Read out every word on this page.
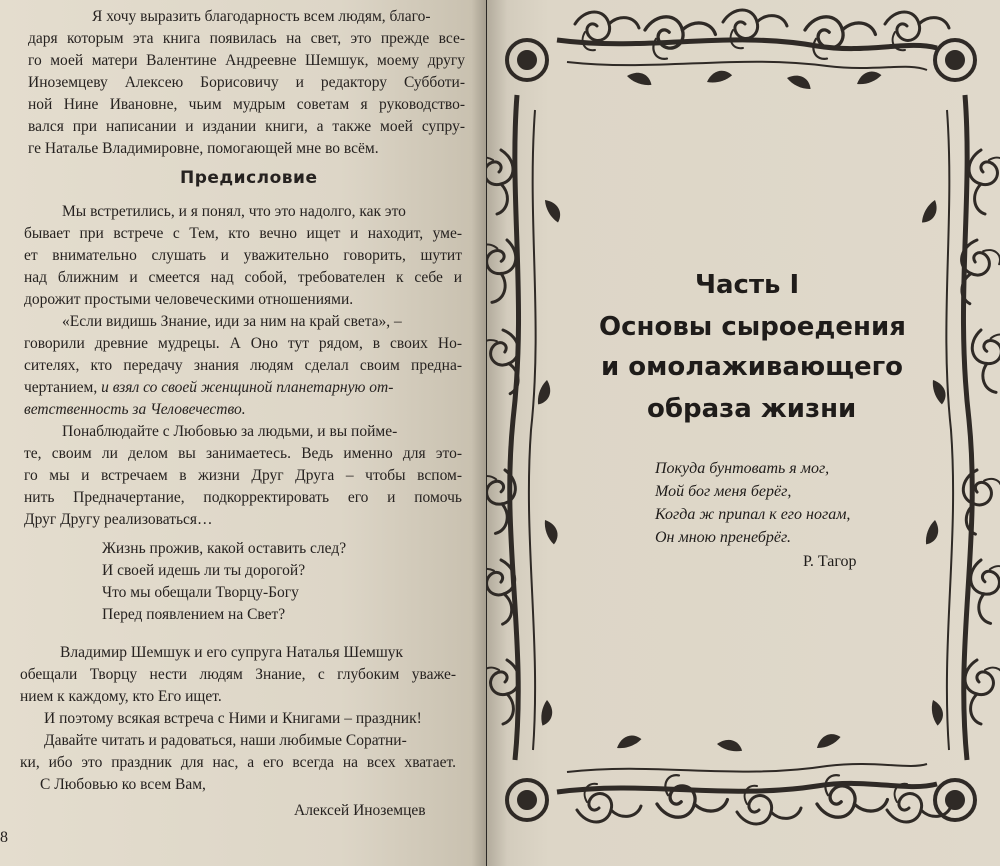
Я хочу выразить благодарность всем людям, благо-
даря которым эта книга появилась на свет, это прежде все-
го моей матери Валентине Андреевне Шемшук, моему другу
Иноземцеву Алексею Борисовичу и редактору Субботи-
ной Нине Ивановне, чьим мудрым советам я руководство-
вался при написании и издании книги, а также моей супру-
ге Наталье Владимировне, помогающей мне во всём.
Предисловие
Мы встретились, и я понял, что это надолго, как это
бывает при встрече с Тем, кто вечно ищет и находит, уме-
ет внимательно слушать и уважительно говорить, шутит
над ближним и смеется над собой, требователен к себе и
дорожит простыми человеческими отношениями.
«Если видишь Знание, иди за ним на край света», –
говорили древние мудрецы. А Оно тут рядом, в своих Но-
сителях, кто передачу знания людям сделал своим предна-
чертанием, и взял со своей женщиной планетарную от-
ветственность за Человечество.
Понаблюдайте с Любовью за людьми, и вы пойме-
те, своим ли делом вы занимаетесь. Ведь именно для это-
го мы и встречаем в жизни Друг Друга – чтобы вспом-
нить Предначертание, подкорректировать его и помочь
Друг Другу реализоваться…
Жизнь прожив, какой оставить след?
И своей идешь ли ты дорогой?
Что мы обещали Творцу-Богу
Перед появлением на Свет?
Владимир Шемшук и его супруга Наталья Шемшук
обещали Творцу нести людям Знание, с глубоким уваже-
нием к каждому, кто Его ищет.
И поэтому всякая встреча с Ними и Книгами – праздник!
Давайте читать и радоваться, наши любимые Соратни-
ки, ибо это праздник для нас, а его всегда на всех хватает.
С Любовью ко всем Вам,
Алексей Иноземцев
8
Часть I
Основы сыроедения
и омолаживающего
образа жизни
Покуда бунтовать я мог,
Мой бог меня берёг,
Когда ж припал к его ногам,
Он мною пренебрёг.
Р. Тагор
